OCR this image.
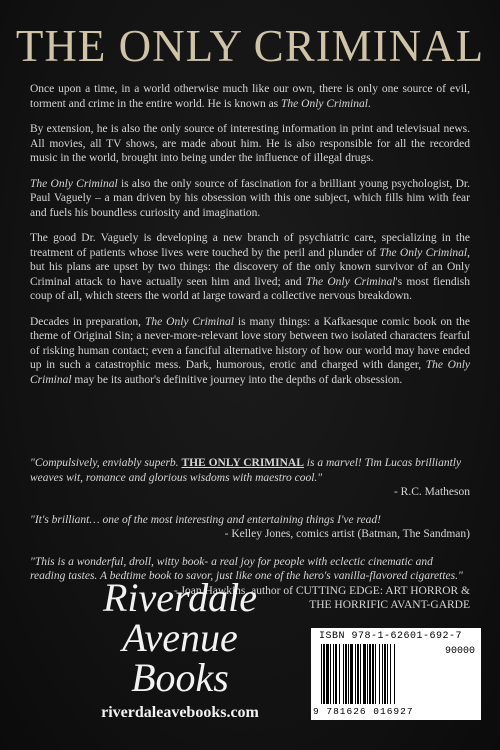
THE ONLY CRIMINAL

Once upon a time, in a world otherwise much like our own, there is only one source of evil, torment and crime in the entire world. He is known as The Only Criminal.

By extension, he is also the only source of interesting information in print and televisual news. All movies, all TV shows, are made about him. He is also responsible for all the recorded music in the world, brought into being under the influence of illegal drugs.

The Only Criminal is also the only source of fascination for a brilliant young psychologist, Dr. Paul Vaguely – a man driven by his obsession with this one subject, which fills him with fear and fuels his boundless curiosity and imagination.

The good Dr. Vaguely is developing a new branch of psychiatric care, specializing in the treatment of patients whose lives were touched by the peril and plunder of The Only Criminal, but his plans are upset by two things: the discovery of the only known survivor of an Only Criminal attack to have actually seen him and lived; and The Only Criminal's most fiendish coup of all, which steers the world at large toward a collective nervous breakdown.

Decades in preparation, The Only Criminal is many things: a Kafkaesque comic book on the theme of Original Sin; a never-more-relevant love story between two isolated characters fearful of risking human contact; even a fanciful alternative history of how our world may have ended up in such a catastrophic mess. Dark, humorous, erotic and charged with danger, The Only Criminal may be its author's definitive journey into the depths of dark obsession.

"Compulsively, enviably superb. THE ONLY CRIMINAL is a marvel! Tim Lucas brilliantly weaves wit, romance and glorious wisdoms with maestro cool."
- R.C. Matheson
"It's brilliant… one of the most interesting and entertaining things I've read!
- Kelley Jones, comics artist (Batman, The Sandman)
"This is a wonderful, droll, witty book- a real joy for people with eclectic cinematic and reading tastes. A bedtime book to savor, just like one of the hero's vanilla-flavored cigarettes."
- Joan Hawkins, author of CUTTING EDGE: ART HORROR &
THE HORRIFIC AVANT-GARDE
Riverdale
Avenue
Books
riverdaleavebooks.com
ISBN 978-1-62601-692-7
90000
9 781626 016927
